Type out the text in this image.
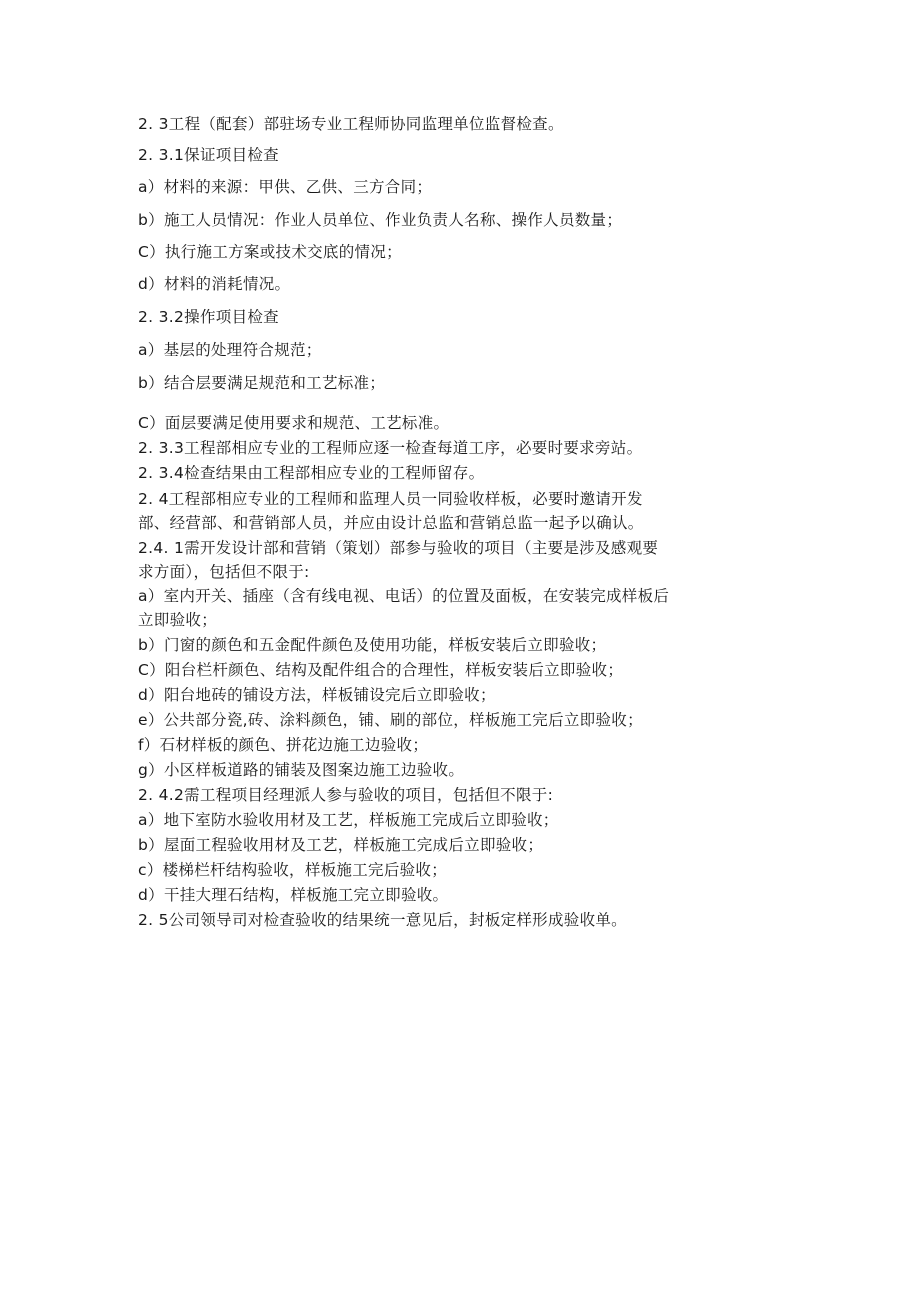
2. 3工程（配套）部驻场专业工程师协同监理单位监督检查。
2. 3.1保证项目检查
a）材料的来源：甲供、乙供、三方合同；
b）施工人员情况：作业人员单位、作业负责人名称、操作人员数量；
C）执行施工方案或技术交底的情况；
d）材料的消耗情况。
2. 3.2操作项目检查
a）基层的处理符合规范；
b）结合层要满足规范和工艺标准；
C）面层要满足使用要求和规范、工艺标准。
2. 3.3工程部相应专业的工程师应逐一检查每道工序，必要时要求旁站。
2. 3.4检查结果由工程部相应专业的工程师留存。
2. 4工程部相应专业的工程师和监理人员一同验收样板，必要时邀请开发
部、经营部、和营销部人员，并应由设计总监和营销总监一起予以确认。
2.4. 1需开发设计部和营销（策划）部参与验收的项目（主要是涉及感观要
求方面），包括但不限于:
a）室内开关、插座（含有线电视、电话）的位置及面板，在安装完成样板后
立即验收；
b）门窗的颜色和五金配件颜色及使用功能，样板安装后立即验收；
C）阳台栏杆颜色、结构及配件组合的合理性，样板安装后立即验收；
d）阳台地砖的铺设方法，样板铺设完后立即验收；
e）公共部分瓷,砖、涂料颜色，铺、刷的部位，样板施工完后立即验收；
f）石材样板的颜色、拼花边施工边验收；
g）小区样板道路的铺装及图案边施工边验收。
2. 4.2需工程项目经理派人参与验收的项目，包括但不限于:
a）地下室防水验收用材及工艺，样板施工完成后立即验收；
b）屋面工程验收用材及工艺，样板施工完成后立即验收；
c）楼梯栏杆结构验收，样板施工完后验收；
d）干挂大理石结构，样板施工完立即验收。
2. 5公司领导司对检查验收的结果统一意见后，封板定样形成验收单。
